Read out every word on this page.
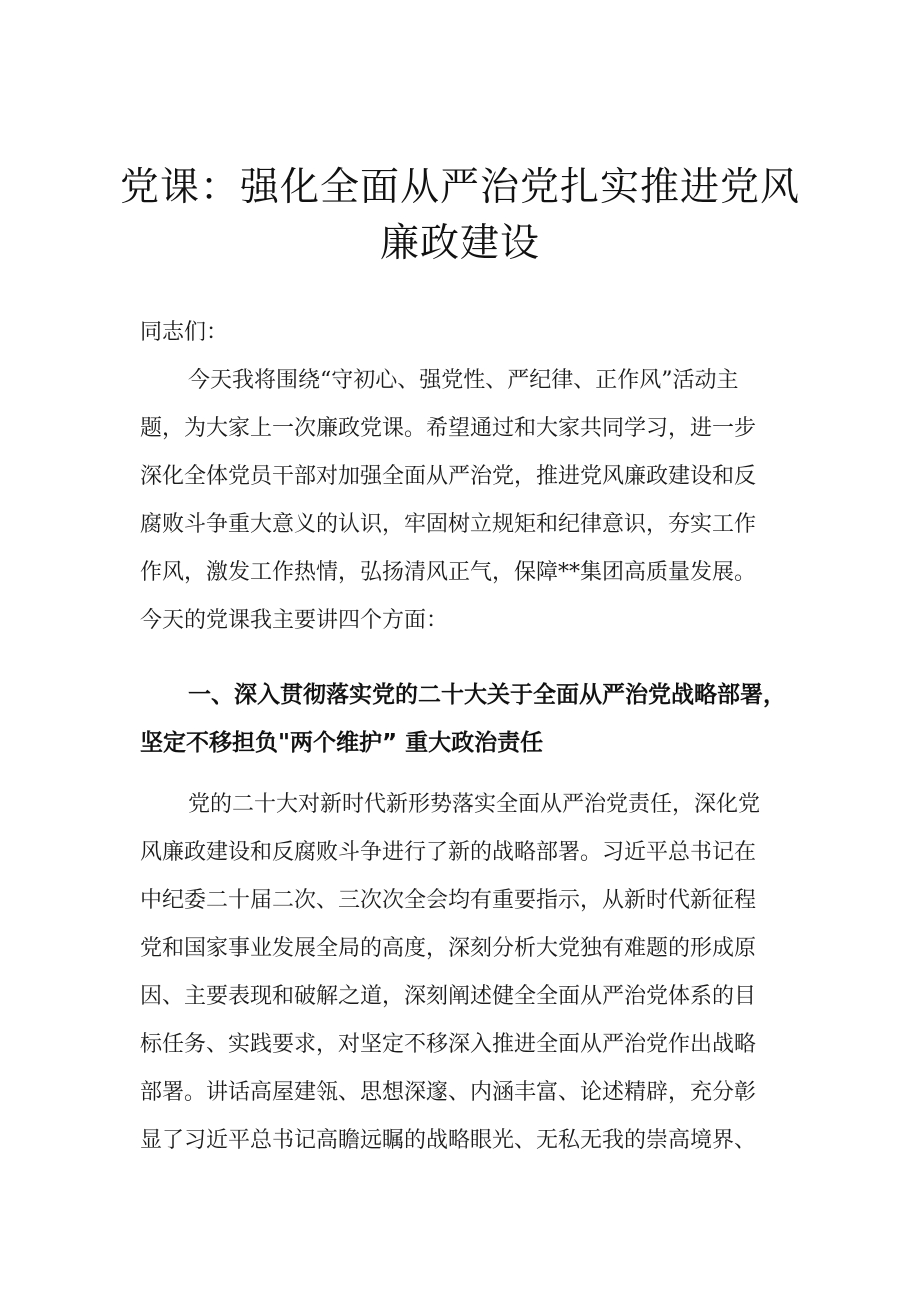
党课：强化全面从严治党扎实推进党风
廉政建设
同志们：
今天我将围绕“守初心、强党性、严纪律、正作风”活动主
题，为大家上一次廉政党课。希望通过和大家共同学习，进一步
深化全体党员干部对加强全面从严治党，推进党风廉政建设和反
腐败斗争重大意义的认识，牢固树立规矩和纪律意识，夯实工作
作风，激发工作热情，弘扬清风正气，保障**集团高质量发展。
今天的党课我主要讲四个方面：
一、深入贯彻落实党的二十大关于全面从严治党战略部署，
坚定不移担负"两个维护” 重大政治责任
党的二十大对新时代新形势落实全面从严治党责任，深化党
风廉政建设和反腐败斗争进行了新的战略部署。习近平总书记在
中纪委二十届二次、三次次全会均有重要指示，从新时代新征程
党和国家事业发展全局的高度，深刻分析大党独有难题的形成原
因、主要表现和破解之道，深刻阐述健全全面从严治党体系的目
标任务、实践要求，对坚定不移深入推进全面从严治党作出战略
部署。讲话高屋建瓴、思想深邃、内涵丰富、论述精辟，充分彰
显了习近平总书记高瞻远瞩的战略眼光、无私无我的崇高境界、
